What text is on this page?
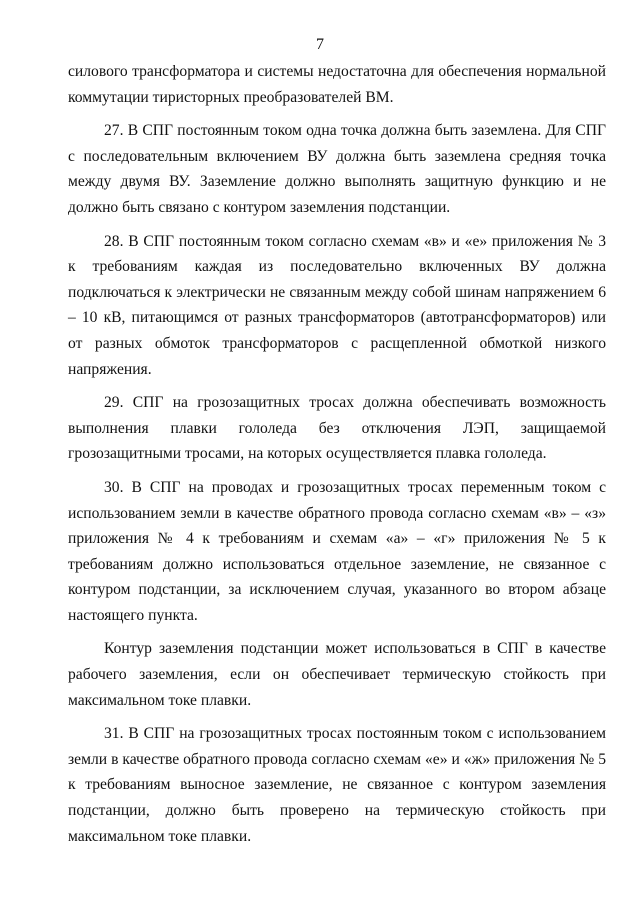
7

силового трансформатора и системы недостаточна для обеспечения нормальной коммутации тиристорных преобразователей ВМ.

27. В СПГ постоянным током одна точка должна быть заземлена. Для СПГ с последовательным включением ВУ должна быть заземлена средняя точка между двумя ВУ. Заземление должно выполнять защитную функцию и не должно быть связано с контуром заземления подстанции.

28. В СПГ постоянным током согласно схемам «в» и «е» приложения № 3 к требованиям каждая из последовательно включенных ВУ должна подключаться к электрически не связанным между собой шинам напряжением 6 – 10 кВ, питающимся от разных трансформаторов (автотрансформаторов) или от разных обмоток трансформаторов с расщепленной обмоткой низкого напряжения.

29. СПГ на грозозащитных тросах должна обеспечивать возможность выполнения плавки гололеда без отключения ЛЭП, защищаемой грозозащитными тросами, на которых осуществляется плавка гололеда.

30. В СПГ на проводах и грозозащитных тросах переменным током с использованием земли в качестве обратного провода согласно схемам «в» – «з» приложения № 4 к требованиям и схемам «а» – «г» приложения № 5 к требованиям должно использоваться отдельное заземление, не связанное с контуром подстанции, за исключением случая, указанного во втором абзаце настоящего пункта.

Контур заземления подстанции может использоваться в СПГ в качестве рабочего заземления, если он обеспечивает термическую стойкость при максимальном токе плавки.

31. В СПГ на грозозащитных тросах постоянным током с использованием земли в качестве обратного провода согласно схемам «е» и «ж» приложения № 5 к требованиям выносное заземление, не связанное с контуром заземления подстанции, должно быть проверено на термическую стойкость при максимальном токе плавки.
